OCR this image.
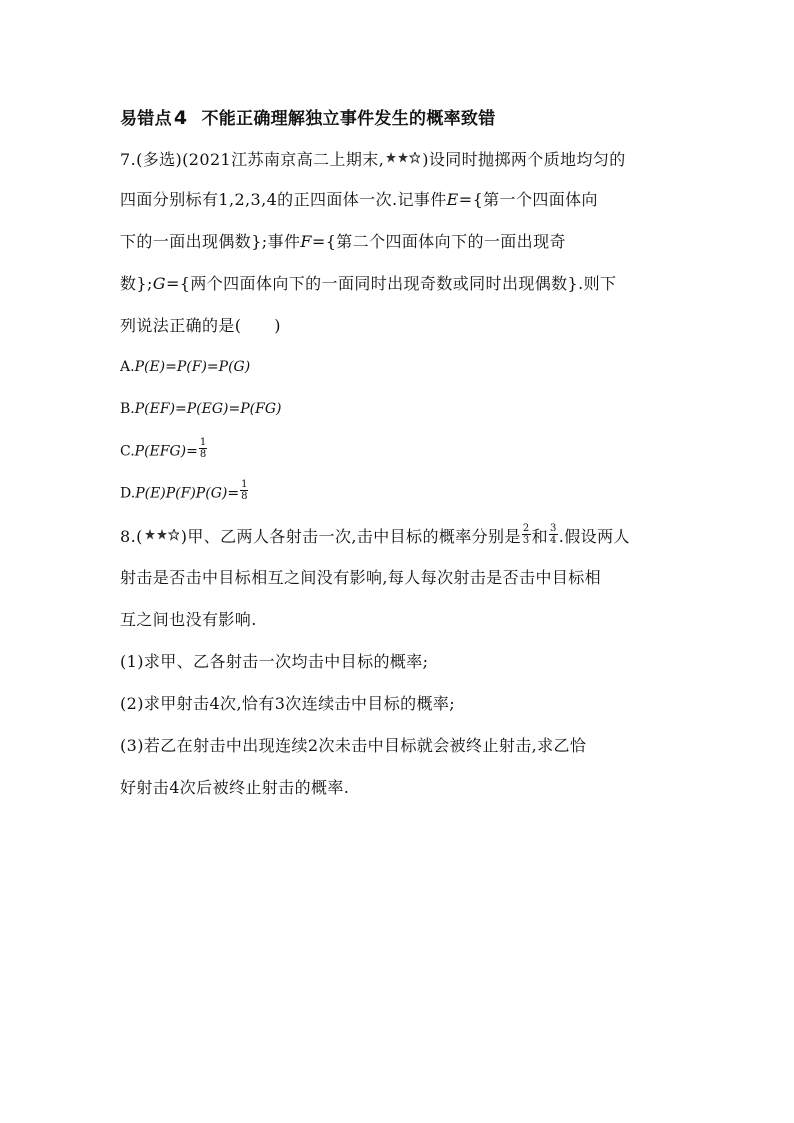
易错点 4 不能正确理解独立事件发生的概率致错
7.(多选)(2021江苏南京高二上期末, )设同时抛掷两个质地均匀的
四面分别标有1,2,3,4的正四面体一次.记事件E={第一个四面体向
下的一面出现偶数};事件F={第二个四面体向下的一面出现奇
数};G={两个四面体向下的一面同时出现奇数或同时出现偶数}.则下
列说法正确的是(　　)
A.P(E)=P(F)=P(G)
B.P(EF)=P(EG)=P(FG)
$C.P(EFG)= \frac{1}{8}$
$D.P(E)P(F)P(G)= \frac{1}{8}$
8.( )甲、乙两人各射击一次,击中目标的概率分别是 $\frac{2}{3}$ 和 $\frac{3}{4}$ .假设两人
射击是否击中目标相互之间没有影响,每人每次射击是否击中目标相
互之间也没有影响.
(1)求甲、乙各射击一次均击中目标的概率;
(2)求甲射击4次,恰有3次连续击中目标的概率;
(3)若乙在射击中出现连续2次未击中目标就会被终止射击,求乙恰
好射击4次后被终止射击的概率.
